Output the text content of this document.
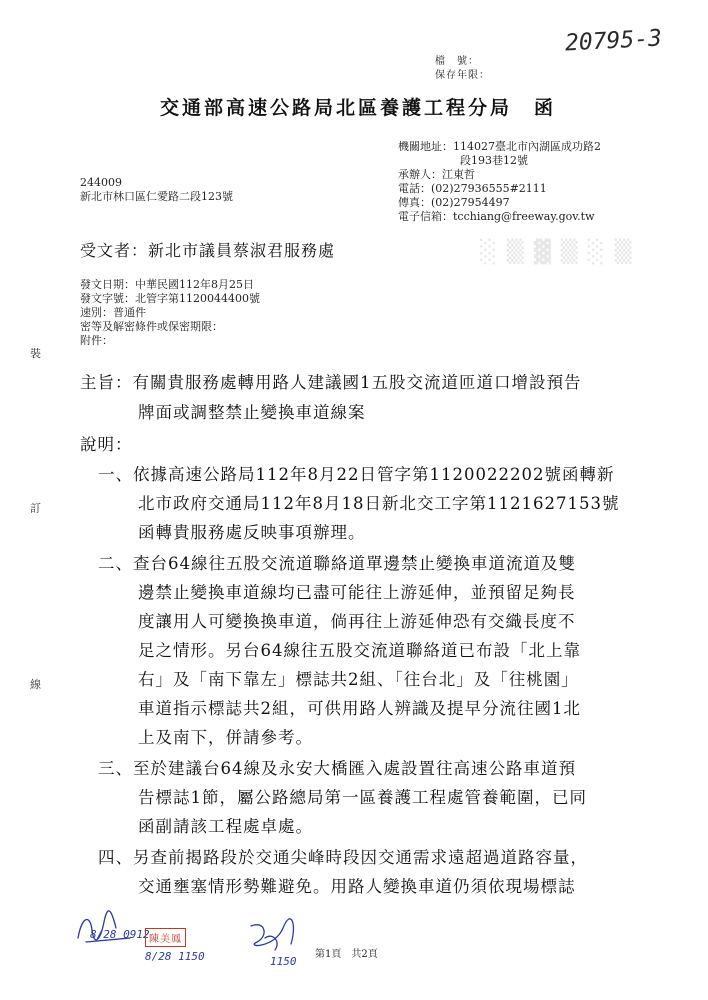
檔　號：
保存年限：
20795-3
交通部高速公路局北區養護工程分局　函
機關地址：114027臺北市內湖區成功路2
段193巷12號
承辦人：江東哲
電話：(02)27936555#2111
傳真：(02)27954497
電子信箱：tcchiang@freeway.gov.tw
244009
新北市林口區仁愛路二段123號
受文者：新北市議員蔡淑君服務處	░▒▓▒░▒
發文日期：中華民國112年8月25日
發文字號：北管字第1120044400號
速別：普通件
密等及解密條件或保密期限：
附件：
裝
訂
線
主旨：有關貴服務處轉用路人建議國1五股交流道匝道口增設預告
牌面或調整禁止變換車道線案
說明：
一、依據高速公路局112年8月22日管字第1120022202號函轉新
北市政府交通局112年8月18日新北交工字第1121627153號
函轉貴服務處反映事項辦理。
二、查台64線往五股交流道聯絡道單邊禁止變換車道流道及雙
邊禁止變換車道線均已盡可能往上游延伸，並預留足夠長
度讓用人可變換換車道，倘再往上游延伸恐有交織長度不
足之情形。另台64線往五股交流道聯絡道已布設「北上靠
右」及「南下靠左」標誌共2組、「往台北」及「往桃園」
車道指示標誌共2組，可供用路人辨識及提早分流往國1北
上及南下，併請參考。
三、至於建議台64線及永安大橋匯入處設置往高速公路車道預
告標誌1節，屬公路總局第一區養護工程處管養範圍，已同
函副請該工程處卓處。
四、另查前揭路段於交通尖峰時段因交通需求遠超過道路容量，
交通壅塞情形勢難避免。用路人變換車道仍須依現場標誌
8/28 0912 陳美鳳
8/28 1150	1150
第1頁　共2頁
